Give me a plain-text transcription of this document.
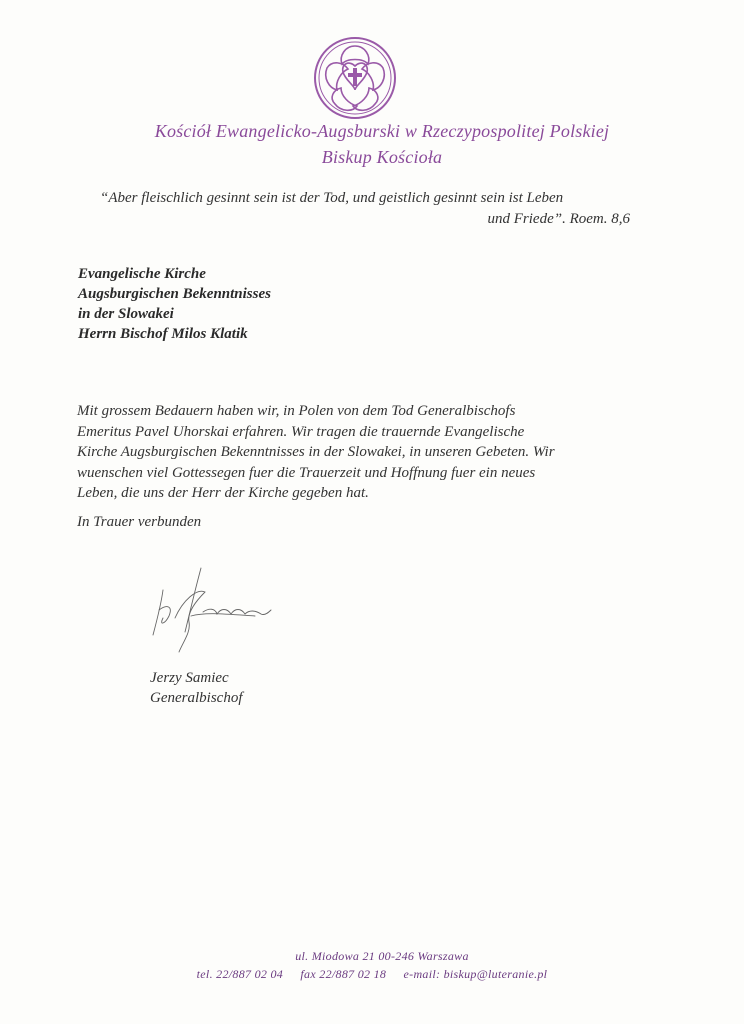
Kościół Ewangelicko-Augsburski w Rzeczypospolitej Polskiej
Biskup Kościoła
“Aber fleischlich gesinnt sein ist der Tod, und geistlich gesinnt sein ist Leben
und Friede”. Roem. 8,6
Evangelische Kirche
Augsburgischen Bekenntnisses
in der Slowakei
Herrn Bischof Milos Klatik
Mit grossem Bedauern haben wir, in Polen von dem Tod Generalbischofs
Emeritus Pavel Uhorskai erfahren. Wir tragen die trauernde Evangelische
Kirche Augsburgischen Bekenntnisses in der Slowakei, in unseren Gebeten. Wir
wuenschen viel Gottessegen fuer die Trauerzeit und Hoffnung fuer ein neues
Leben, die uns der Herr der Kirche gegeben hat.
In Trauer verbunden
Jerzy Samiec
Generalbischof
ul. Miodowa 21 00-246 Warszawa
tel. 22/887 02 04 fax 22/887 02 18 e-mail: biskup@luteranie.pl
